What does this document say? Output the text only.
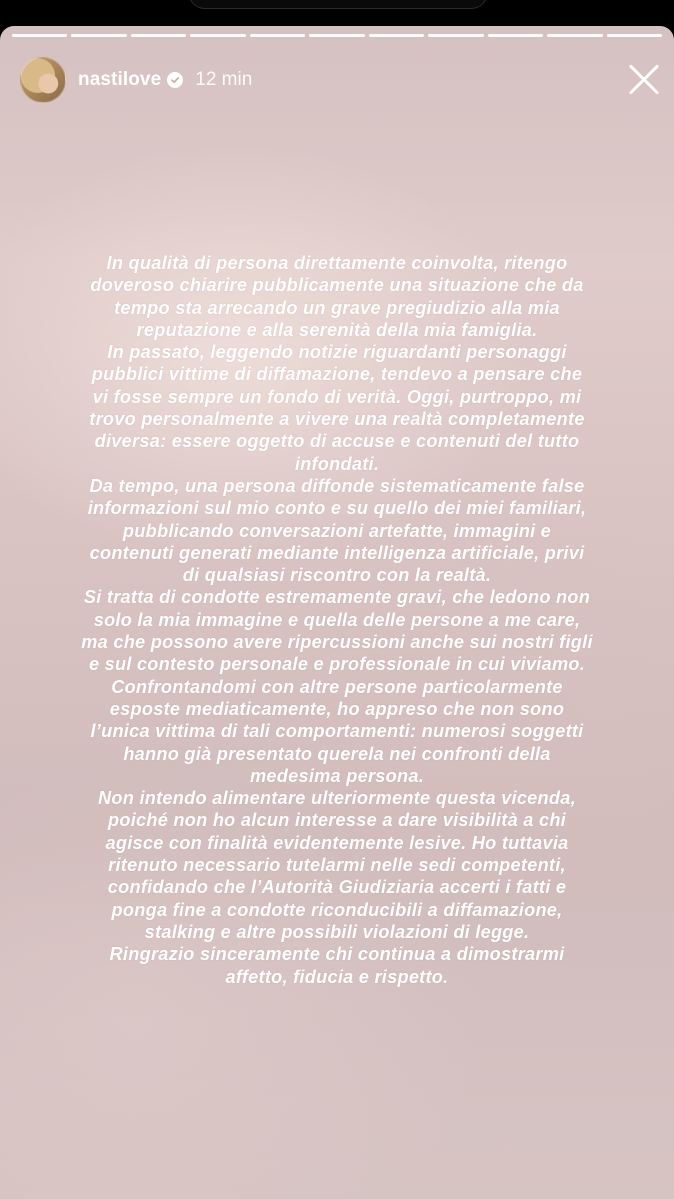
nastilove 12 min

In qualità di persona direttamente coinvolta, ritengo
doveroso chiarire pubblicamente una situazione che da
tempo sta arrecando un grave pregiudizio alla mia
reputazione e alla serenità della mia famiglia.
In passato, leggendo notizie riguardanti personaggi
pubblici vittime di diffamazione, tendevo a pensare che
vi fosse sempre un fondo di verità. Oggi, purtroppo, mi
trovo personalmente a vivere una realtà completamente
diversa: essere oggetto di accuse e contenuti del tutto
infondati.
Da tempo, una persona diffonde sistematicamente false
informazioni sul mio conto e su quello dei miei familiari,
pubblicando conversazioni artefatte, immagini e
contenuti generati mediante intelligenza artificiale, privi
di qualsiasi riscontro con la realtà.
Si tratta di condotte estremamente gravi, che ledono non
solo la mia immagine e quella delle persone a me care,
ma che possono avere ripercussioni anche sui nostri figli
e sul contesto personale e professionale in cui viviamo.
Confrontandomi con altre persone particolarmente
esposte mediaticamente, ho appreso che non sono
l’unica vittima di tali comportamenti: numerosi soggetti
hanno già presentato querela nei confronti della
medesima persona.
Non intendo alimentare ulteriormente questa vicenda,
poiché non ho alcun interesse a dare visibilità a chi
agisce con finalità evidentemente lesive. Ho tuttavia
ritenuto necessario tutelarmi nelle sedi competenti,
confidando che l’Autorità Giudiziaria accerti i fatti e
ponga fine a condotte riconducibili a diffamazione,
stalking e altre possibili violazioni di legge.
Ringrazio sinceramente chi continua a dimostrarmi
affetto, fiducia e rispetto.
